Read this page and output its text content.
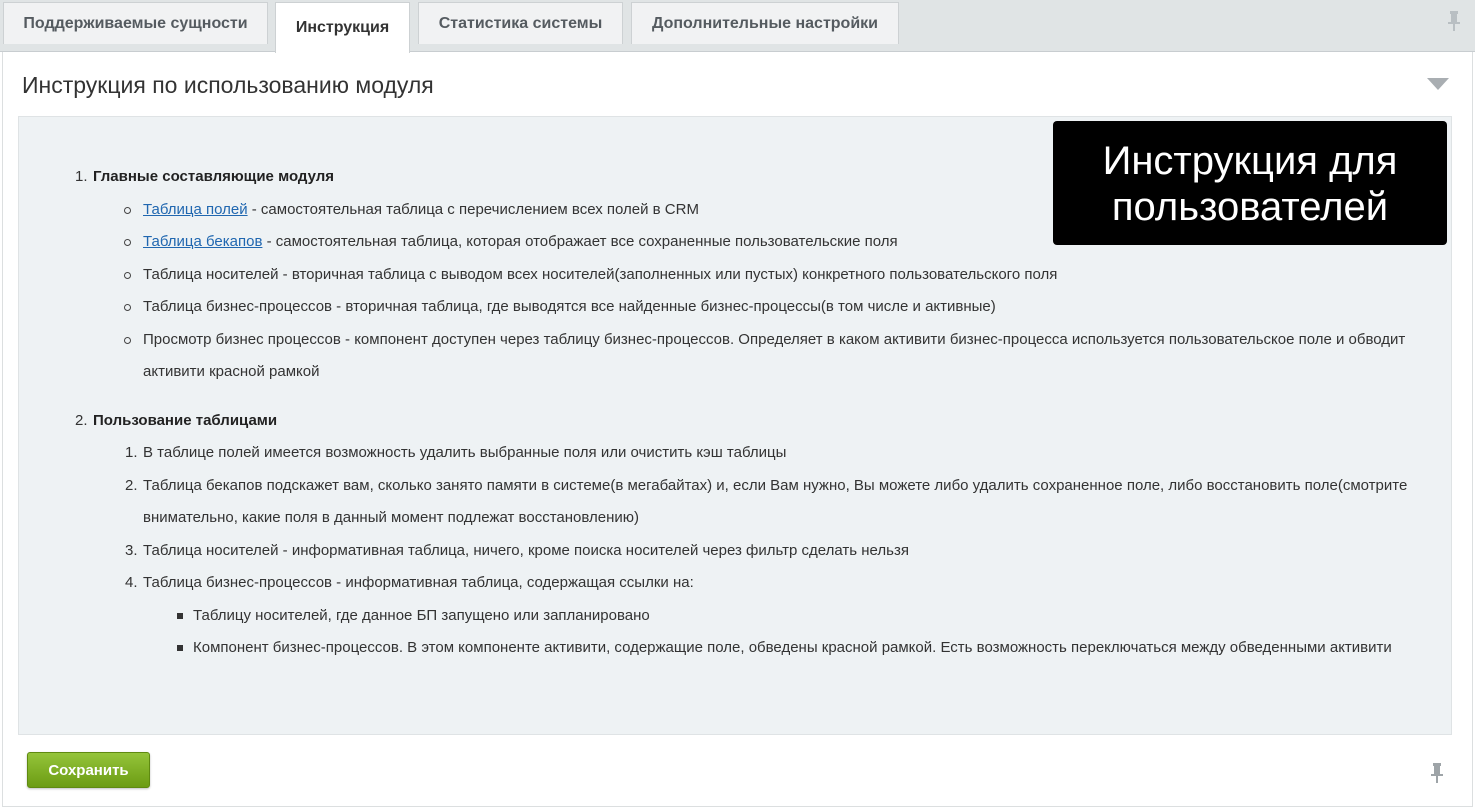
Поддерживаемые сущности	Инструкция	Статистика системы	Дополнительные настройки
Инструкция по использованию модуля
1. Главные составляющие модуля
Таблица полей - самостоятельная таблица с перечислением всех полей в CRM
Таблица бекапов - самостоятельная таблица, которая отображает все сохраненные пользовательские поля
Таблица носителей - вторичная таблица с выводом всех носителей(заполненных или пустых) конкретного пользовательского поля
Таблица бизнес-процессов - вторичная таблица, где выводятся все найденные бизнес-процессы(в том числе и активные)
Просмотр бизнес процессов - компонент доступен через таблицу бизнес-процессов. Определяет в каком активити бизнес-процесса используется пользовательское поле и обводит активити красной рамкой
2. Пользование таблицами
1. В таблице полей имеется возможность удалить выбранные поля или очистить кэш таблицы
2. Таблица бекапов подскажет вам, сколько занято памяти в системе(в мегабайтах) и, если Вам нужно, Вы можете либо удалить сохраненное поле, либо восстановить поле(смотрите внимательно, какие поля в данный момент подлежат восстановлению)
3. Таблица носителей - информативная таблица, ничего, кроме поиска носителей через фильтр сделать нельзя
4. Таблица бизнес-процессов - информативная таблица, содержащая ссылки на:
Таблицу носителей, где данное БП запущено или запланировано
Компонент бизнес-процессов. В этом компоненте активити, содержащие поле, обведены красной рамкой. Есть возможность переключаться между обведенными активити
Инструкция для
пользователей
Сохранить
